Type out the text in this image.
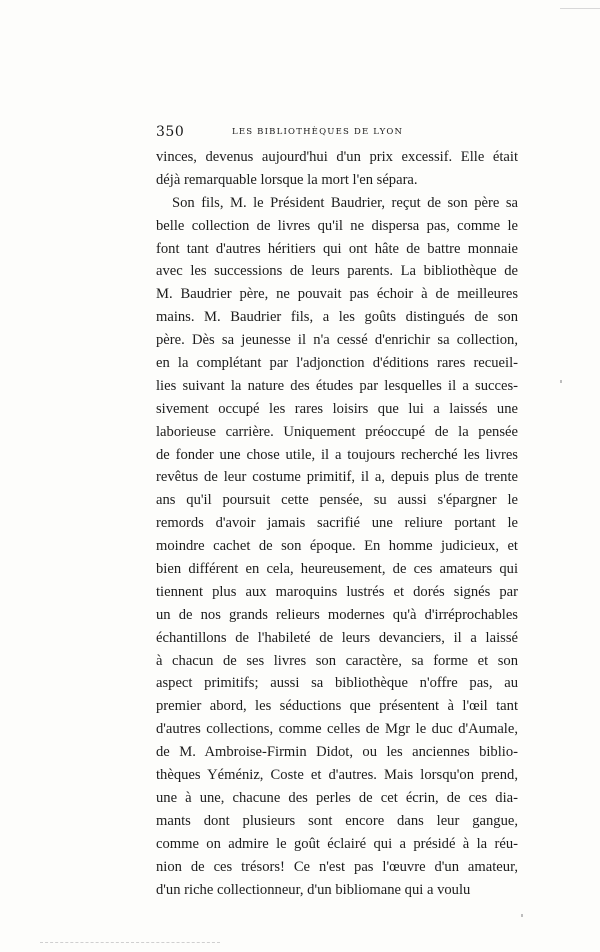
350	LES BIBLIOTHÈQUES DE LYON
vinces, devenus aujourd'hui d'un prix excessif. Elle était
déjà remarquable lorsque la mort l'en sépara.
Son fils, M. le Président Baudrier, reçut de son père sa
belle collection de livres qu'il ne dispersa pas, comme le
font tant d'autres héritiers qui ont hâte de battre monnaie
avec les successions de leurs parents. La bibliothèque de
M. Baudrier père, ne pouvait pas échoir à de meilleures
mains. M. Baudrier fils, a les goûts distingués de son
père. Dès sa jeunesse il n'a cessé d'enrichir sa collection,
en la complétant par l'adjonction d'éditions rares recueil-
lies suivant la nature des études par lesquelles il a succes-
sivement occupé les rares loisirs que lui a laissés une
laborieuse carrière. Uniquement préoccupé de la pensée
de fonder une chose utile, il a toujours recherché les livres
revêtus de leur costume primitif, il a, depuis plus de trente
ans qu'il poursuit cette pensée, su aussi s'épargner le
remords d'avoir jamais sacrifié une reliure portant le
moindre cachet de son époque. En homme judicieux, et
bien différent en cela, heureusement, de ces amateurs qui
tiennent plus aux maroquins lustrés et dorés signés par
un de nos grands relieurs modernes qu'à d'irréprochables
échantillons de l'habileté de leurs devanciers, il a laissé
à chacun de ses livres son caractère, sa forme et son
aspect primitifs; aussi sa bibliothèque n'offre pas, au
premier abord, les séductions que présentent à l'œil tant
d'autres collections, comme celles de Mgr le duc d'Aumale,
de M. Ambroise-Firmin Didot, ou les anciennes biblio-
thèques Yéméniz, Coste et d'autres. Mais lorsqu'on prend,
une à une, chacune des perles de cet écrin, de ces dia-
mants dont plusieurs sont encore dans leur gangue,
comme on admire le goût éclairé qui a présidé à la réu-
nion de ces trésors! Ce n'est pas l'œuvre d'un amateur,
d'un riche collectionneur, d'un bibliomane qui a voulu
